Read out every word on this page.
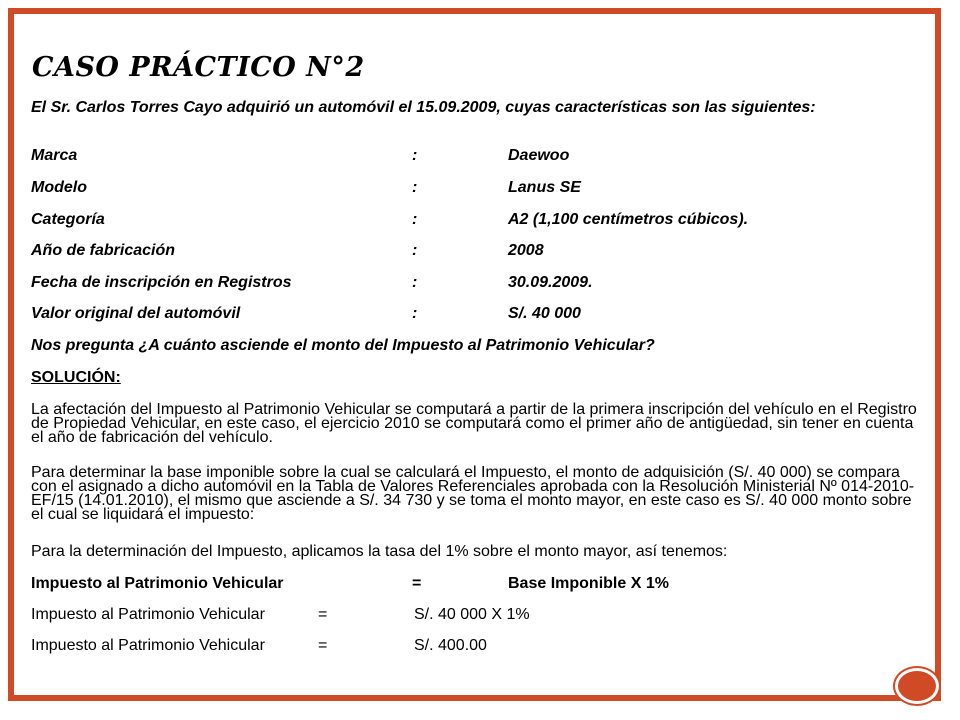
CASO PRÁCTICO N°2
El Sr. Carlos Torres Cayo adquirió un automóvil el 15.09.2009, cuyas características son las siguientes:
Marca	:	Daewoo
Modelo	:	Lanus SE
Categoría	:	A2 (1,100 centímetros cúbicos).
Año de fabricación	:	2008
Fecha de inscripción en Registros	:	30.09.2009.
Valor original del automóvil	:	S/. 40 000
Nos pregunta ¿A cuánto asciende el monto del Impuesto al Patrimonio Vehicular?
SOLUCIÓN:
La afectación del Impuesto al Patrimonio Vehicular se computará a partir de la primera inscripción del vehículo en el Registro de Propiedad Vehicular, en este caso, el ejercicio 2010 se computará como el primer año de antigüedad, sin tener en cuenta el año de fabricación del vehículo.
Para determinar la base imponible sobre la cual se calculará el Impuesto, el monto de adquisición (S/. 40 000) se compara con el asignado a dicho automóvil en la Tabla de Valores Referenciales aprobada con la Resolución Ministerial Nº 014-2010-EF/15 (14.01.2010), el mismo que asciende a S/. 34 730 y se toma el monto mayor, en este caso es S/. 40 000 monto sobre el cual se liquidará el impuesto:
Para la determinación del Impuesto, aplicamos la tasa del 1% sobre el monto mayor, así tenemos:
Impuesto al Patrimonio Vehicular	=	Base Imponible X 1%
Impuesto al Patrimonio Vehicular	=	S/. 40 000 X 1%
Impuesto al Patrimonio Vehicular	=	S/. 400.00
